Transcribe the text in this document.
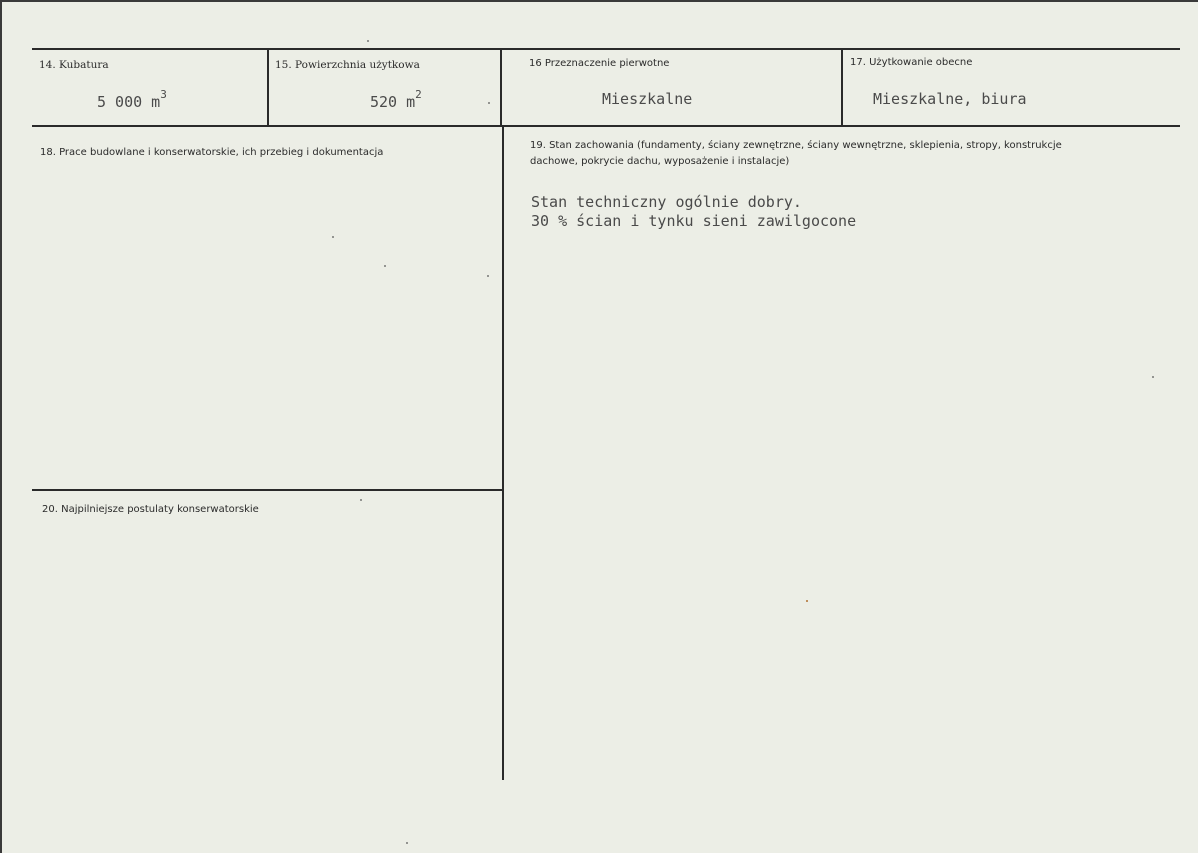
14. Kubatura
5 000 $m^3$
15. Powierzchnia użytkowa
520 $m^2$
16 Przeznaczenie pierwotne
Mieszkalne
17. Użytkowanie obecne
Mieszkalne, biura
18. Prace budowlane i konserwatorskie, ich przebieg i dokumentacja
19. Stan zachowania (fundamenty, ściany zewnętrzne, ściany wewnętrzne, sklepienia, stropy, konstrukcje dachowe, pokrycie dachu, wyposażenie i instalacje)
Stan techniczny ogólnie dobry.
30 % ścian i tynku sieni zawilgocone
20. Najpilniejsze postulaty konserwatorskie
